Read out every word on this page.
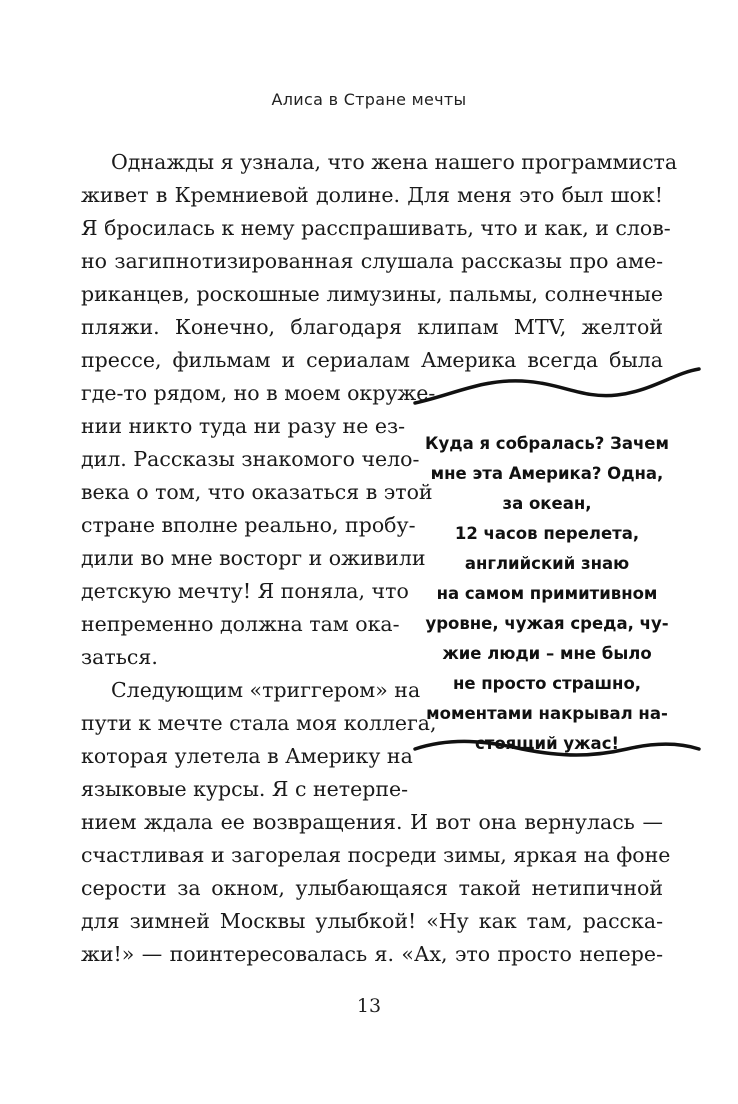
Алиса в Стране мечты
Однажды я узнала, что жена нашего программиста
живет в Кремниевой долине. Для меня это был шок!
Я бросилась к нему расспрашивать, что и как, и слов-
но загипнотизированная слушала рассказы про аме-
риканцев, роскошные лимузины, пальмы, солнечные
пляжи. Конечно, благодаря клипам MTV, желтой
прессе, фильмам и сериалам Америка всегда была
где-то рядом, но в моем окруже-
нии никто туда ни разу не ез-
дил. Рассказы знакомого чело-
века о том, что оказаться в этой
стране вполне реально, пробу-
дили во мне восторг и оживили
детскую мечту! Я поняла, что
непременно должна там ока-
заться.
Следующим «триггером» на
пути к мечте стала моя коллега,
которая улетела в Америку на
языковые курсы. Я с нетерпе-
нием ждала ее возвращения. И вот она вернулась —
счастливая и загорелая посреди зимы, яркая на фоне
серости за окном, улыбающаяся такой нетипичной
для зимней Москвы улыбкой! «Ну как там, расска-
жи!» — поинтересовалась я. «Ах, это просто непере-
Куда я собралась? Зачем
мне эта Америка? Одна,
за океан,
12 часов перелета,
английский знаю
на самом примитивном
уровне, чужая среда, чу-
жие люди – мне было
не просто страшно,
моментами накрывал на-
стоящий ужас!
13
